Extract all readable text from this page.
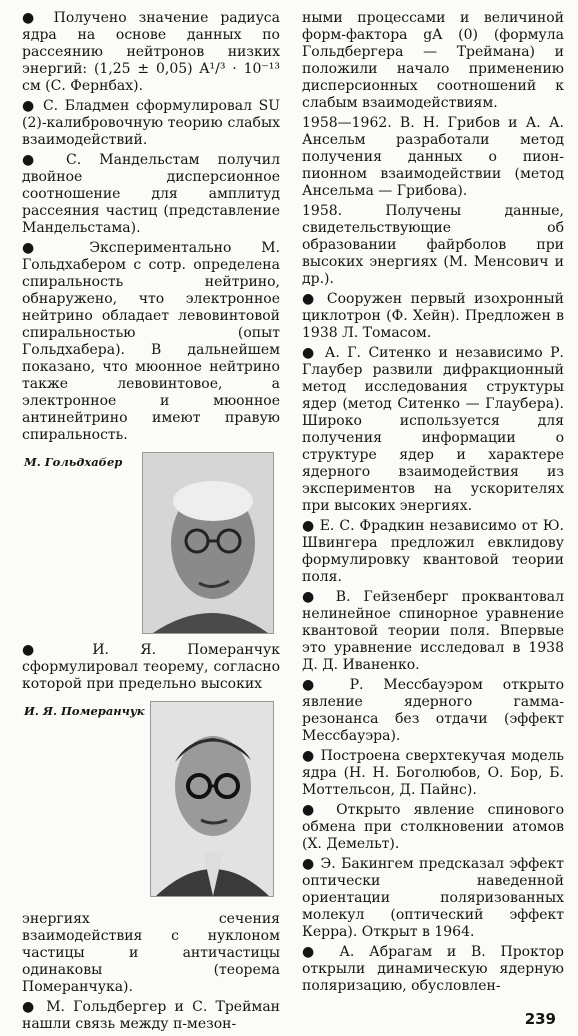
● Получено значение радиуса ядра на основе данных по рассеянию нейтронов низких энергий: (1,25 ± 0,05) A¹/³ · 10⁻¹³ см (С. Фернбах).

● С. Бладмен сформулировал SU (2)-калибровочную теорию слабых взаимодействий.

● С. Мандельстам получил двойное дисперсионное соотношение для амплитуд рассеяния частиц (представление Мандельстама).

● Экспериментально М. Гольдхабером с сотр. определена спиральность нейтрино, обнаружено, что электронное нейтрино обладает левовинтовой спиральностью (опыт Гольдхабера). В дальнейшем показано, что мюонное нейтрино также левовинтовое, а электронное и мюонное антинейтрино имеют правую спиральность.

М. Гольдхабер

● И. Я. Померанчук сформулировал теорему, согласно которой при предельно высоких

И. Я. Померанчук

энергиях сечения взаимодействия с нуклоном частицы и античастицы одинаковы (теорема Померанчука).

● М. Гольдбергер и С. Трейман нашли связь между π-мезон-

ными процессами и величиной форм-фактора gA (0) (формула Гольдбергера — Треймана) и положили начало применению дисперсионных соотношений к слабым взаимодействиям.

1958—1962. В. Н. Грибов и А. А. Ансельм разработали метод получения данных о пион-пионном взаимодействии (метод Ансельма — Грибова).

1958. Получены данные, свидетельствующие об образовании файрболов при высоких энергиях (М. Менсович и др.).

● Сооружен первый изохронный циклотрон (Ф. Хейн). Предложен в 1938 Л. Томасом.

● А. Г. Ситенко и независимо Р. Глаубер развили дифракционный метод исследования структуры ядер (метод Ситенко — Глаубера). Широко используется для получения информации о структуре ядер и характере ядерного взаимодействия из экспериментов на ускорителях при высоких энергиях.

● Е. С. Фрадкин независимо от Ю. Швингера предложил евклидову формулировку квантовой теории поля.

● В. Гейзенберг проквантовал нелинейное спинорное уравнение квантовой теории поля. Впервые это уравнение исследовал в 1938 Д. Д. Иваненко.

● Р. Мессбауэром открыто явление ядерного гамма-резонанса без отдачи (эффект Мессбауэра).

● Построена сверхтекучая модель ядра (Н. Н. Боголюбов, О. Бор, Б. Моттельсон, Д. Пайнс).

● Открыто явление спинового обмена при столкновении атомов (Х. Демельт).

● Э. Бакингем предсказал эффект оптически наведенной ориентации поляризованных молекул (оптический эффект Керра). Открыт в 1964.

● А. Абрагам и В. Проктор открыли динамическую ядерную поляризацию, обусловлен-

239
